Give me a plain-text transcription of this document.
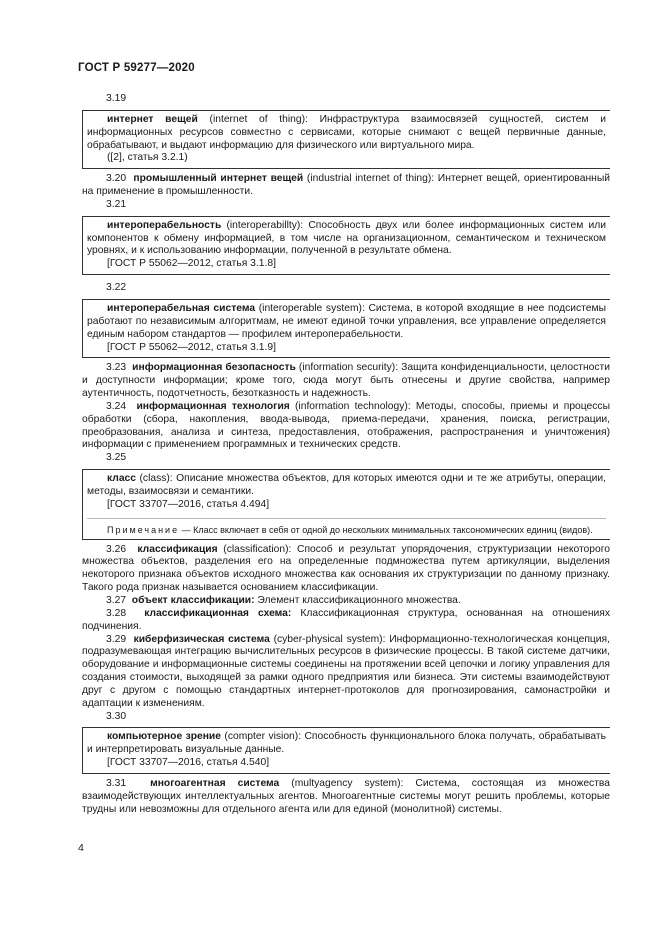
ГОСТ Р 59277—2020

3.19

интернет вещей (internet of thing): Инфраструктура взаимосвязей сущностей, систем и информационных ресурсов совместно с сервисами, которые снимают с вещей первичные данные, обрабатывают, и выдают информацию для физического или виртуального мира.

([2], статья 3.2.1)

3.20 промышленный интернет вещей (industrial internet of thing): Интернет вещей, ориентированный на применение в промышленности.

3.21

интероперабельность (interoperabillty): Способность двух или более информационных систем или компонентов к обмену информацией, в том числе на организационном, семантическом и техническом уровнях, и к использованию информации, полученной в результате обмена.

[ГОСТ Р 55062—2012, статья 3.1.8]

3.22

интероперабельная система (interoperable system): Система, в которой входящие в нее подсистемы работают по независимым алгоритмам, не имеют единой точки управления, все управление определяется единым набором стандартов — профилем интероперабельности.

[ГОСТ Р 55062—2012, статья 3.1.9]

3.23 информационная безопасность (information security): Защита конфиденциальности, целостности и доступности информации; кроме того, сюда могут быть отнесены и другие свойства, например аутентичность, подотчетность, безотказность и надежность.

3.24 информационная технология (information technology): Методы, способы, приемы и процессы обработки (сбора, накопления, ввода-вывода, приема-передачи, хранения, поиска, регистрации, преобразования, анализа и синтеза, предоставления, отображения, распространения и уничтожения) информации с применением программных и технических средств.

3.25

класс (class): Описание множества объектов, для которых имеются одни и те же атрибуты, операции, методы, взаимосвязи и семантики.

[ГОСТ 33707—2016, статья 4.494]

Примечание — Класс включает в себя от одной до нескольких минимальных таксономических единиц (видов).

3.26 классификация (classification): Способ и результат упорядочения, структуризации некоторого множества объектов, разделения его на определенные подмножества путем артикуляции, выделения некоторого признака объектов исходного множества как основания их структуризации по данному признаку. Такого рода признак называется основанием классификации.

3.27 объект классификации: Элемент классификационного множества.

3.28 классификационная схема: Классификационная структура, основанная на отношениях подчинения.

3.29 киберфизическая система (cyber-physical system): Информационно-технологическая концепция, подразумевающая интеграцию вычислительных ресурсов в физические процессы. В такой системе датчики, оборудование и информационные системы соединены на протяжении всей цепочки и логику управления для создания стоимости, выходящей за рамки одного предприятия или бизнеса. Эти системы взаимодействуют друг с другом с помощью стандартных интернет-протоколов для прогнозирования, самонастройки и адаптации к изменениям.

3.30

компьютерное зрение (compter vision): Способность функционального блока получать, обрабатывать и интерпретировать визуальные данные.

[ГОСТ 33707—2016, статья 4.540]

3.31 многоагентная система (multyagency system): Система, состоящая из множества взаимодействующих интеллектуальных агентов. Многоагентные системы могут решить проблемы, которые трудны или невозможны для отдельного агента или для единой (монолитной) системы.

4
